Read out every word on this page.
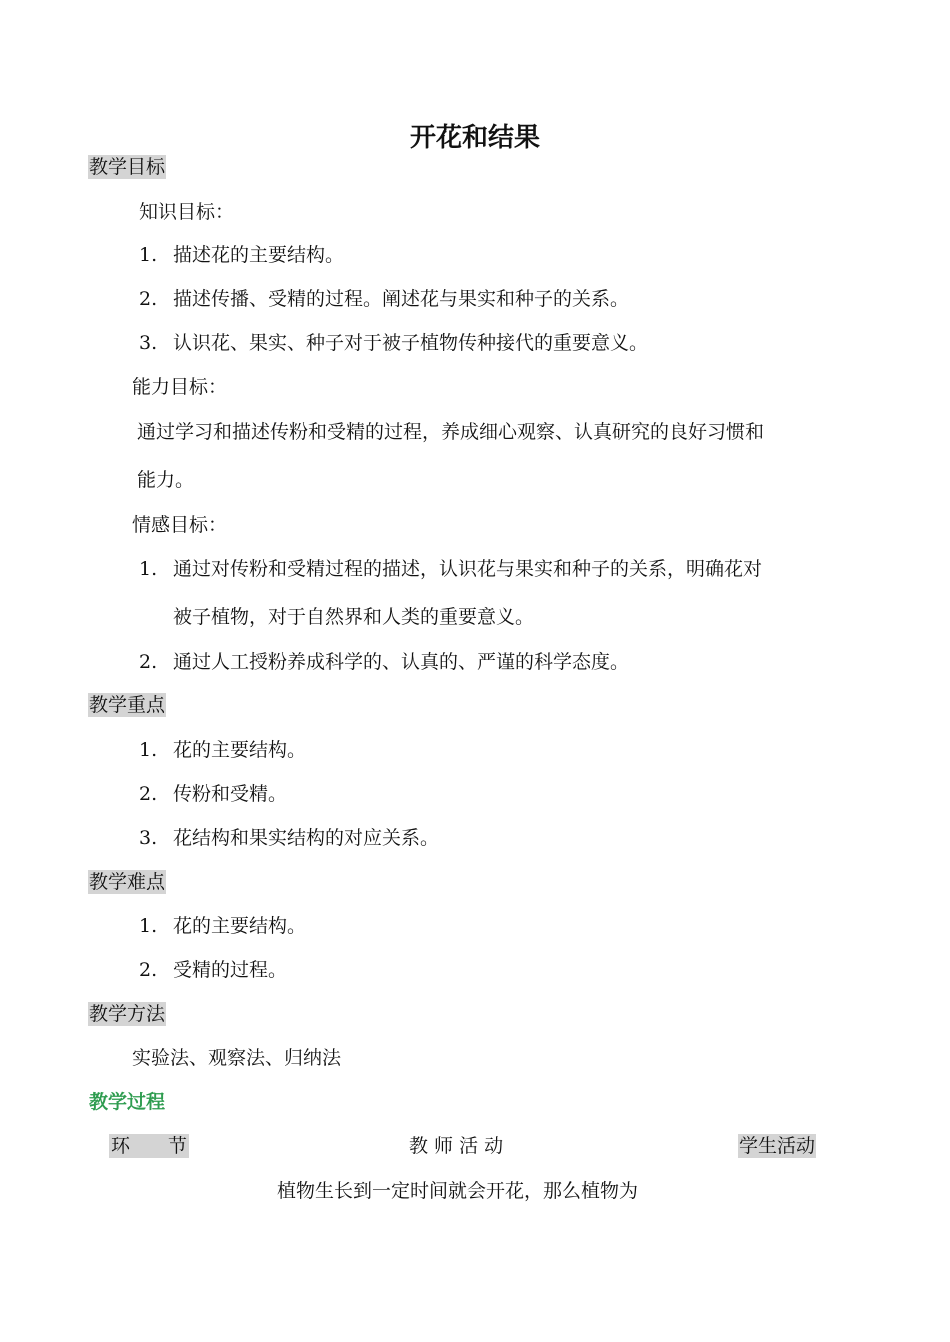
开花和结果
教学目标
知识目标：
1. 描述花的主要结构。
2. 描述传播、受精的过程。阐述花与果实和种子的关系。
3. 认识花、果实、种子对于被子植物传种接代的重要意义。
能力目标：
通过学习和描述传粉和受精的过程，养成细心观察、认真研究的良好习惯和
能力。
情感目标：
1. 通过对传粉和受精过程的描述，认识花与果实和种子的关系，明确花对
被子植物，对于自然界和人类的重要意义。
2. 通过人工授粉养成科学的、认真的、严谨的科学态度。
教学重点
1. 花的主要结构。
2. 传粉和受精。
3. 花结构和果实结构的对应关系。
教学难点
1. 花的主要结构。
2. 受精的过程。
教学方法
实验法、观察法、归纳法
教学过程
环　　节	教 师 活 动	学生活动
植物生长到一定时间就会开花，那么植物为
